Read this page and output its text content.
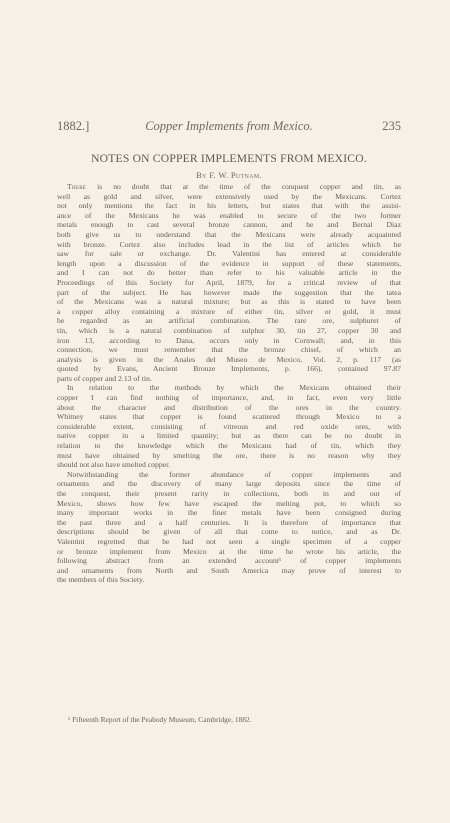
1882.]	Copper Implements from Mexico.	235
NOTES ON COPPER IMPLEMENTS FROM MEXICO.
By F. W. Putnam.
There is no doubt that at the time of the conquest copper and tin, as
well as gold and silver, were extensively used by the Mexicans. Cortez
not only mentions the fact in his letters, but states that with the assist-
ance of the Mexicans he was enabled to secure of the two former
metals enough to cast several bronze cannon, and he and Bernal Diaz
both give us to understand that the Mexicans were already acquainted
with bronze. Cortez also includes lead in the list of articles which he
saw for sale or exchange. Dr. Valentini has entered at considerable
length upon a discussion of the evidence in support of these statements,
and I can not do better than refer to his valuable article in the
Proceedings of this Society for April, 1879, for a critical review of that
part of the subject. He has however made the suggestion that the tatea
of the Mexicans was a natural mixture; but as this is stated to have been
a copper alloy containing a mixture of either tin, silver or gold, it must
be regarded as an artificial combination. The rare ore, sulphuret of
tin, which is a natural combination of sulphur 30, tin 27, copper 30 and
iron 13, according to Dana, occurs only in Cornwall; and, in this
connection, we must remember that the bronze chisel, of which an
analysis is given in the Anales del Museo de Mexico, Vol. 2, p. 117 (as
quoted by Evans, Ancient Bronze Implements, p. 166), contained 97.87
parts of copper and 2.13 of tin.
In relation to the methods by which the Mexicans obtained their
copper I can find nothing of importance, and, in fact, even very little
about the character and distribution of the ores in the country.
Whitney states that copper is found scattered through Mexico to a
considerable extent, consisting of vitreous and red oxide ores, with
native copper in a limited quantity; but as there can be no doubt in
relation to the knowledge which the Mexicans had of tin, which they
must have obtained by smelting the ore, there is no reason why they
should not also have smelted copper.
Notwithstanding the former abundance of copper implements and
ornaments and the discovery of many large deposits since the time of
the conquest, their present rarity in collections, both in and out of
Mexico, shows how few have escaped the melting pot, to which so
many important works in the finer metals have been consigned during
the past three and a half centuries. It is therefore of importance that
descriptions should be given of all that come to notice, and as Dr.
Valentini regretted that he had not seen a single specimen of a copper
or bronze implement from Mexico at the time he wrote his article, the
following abstract from an extended account¹ of copper implements
and ornaments from North and South America may prove of interest to
the members of this Society.
¹ Fifteenth Report of the Peabody Museum, Cambridge, 1882.
